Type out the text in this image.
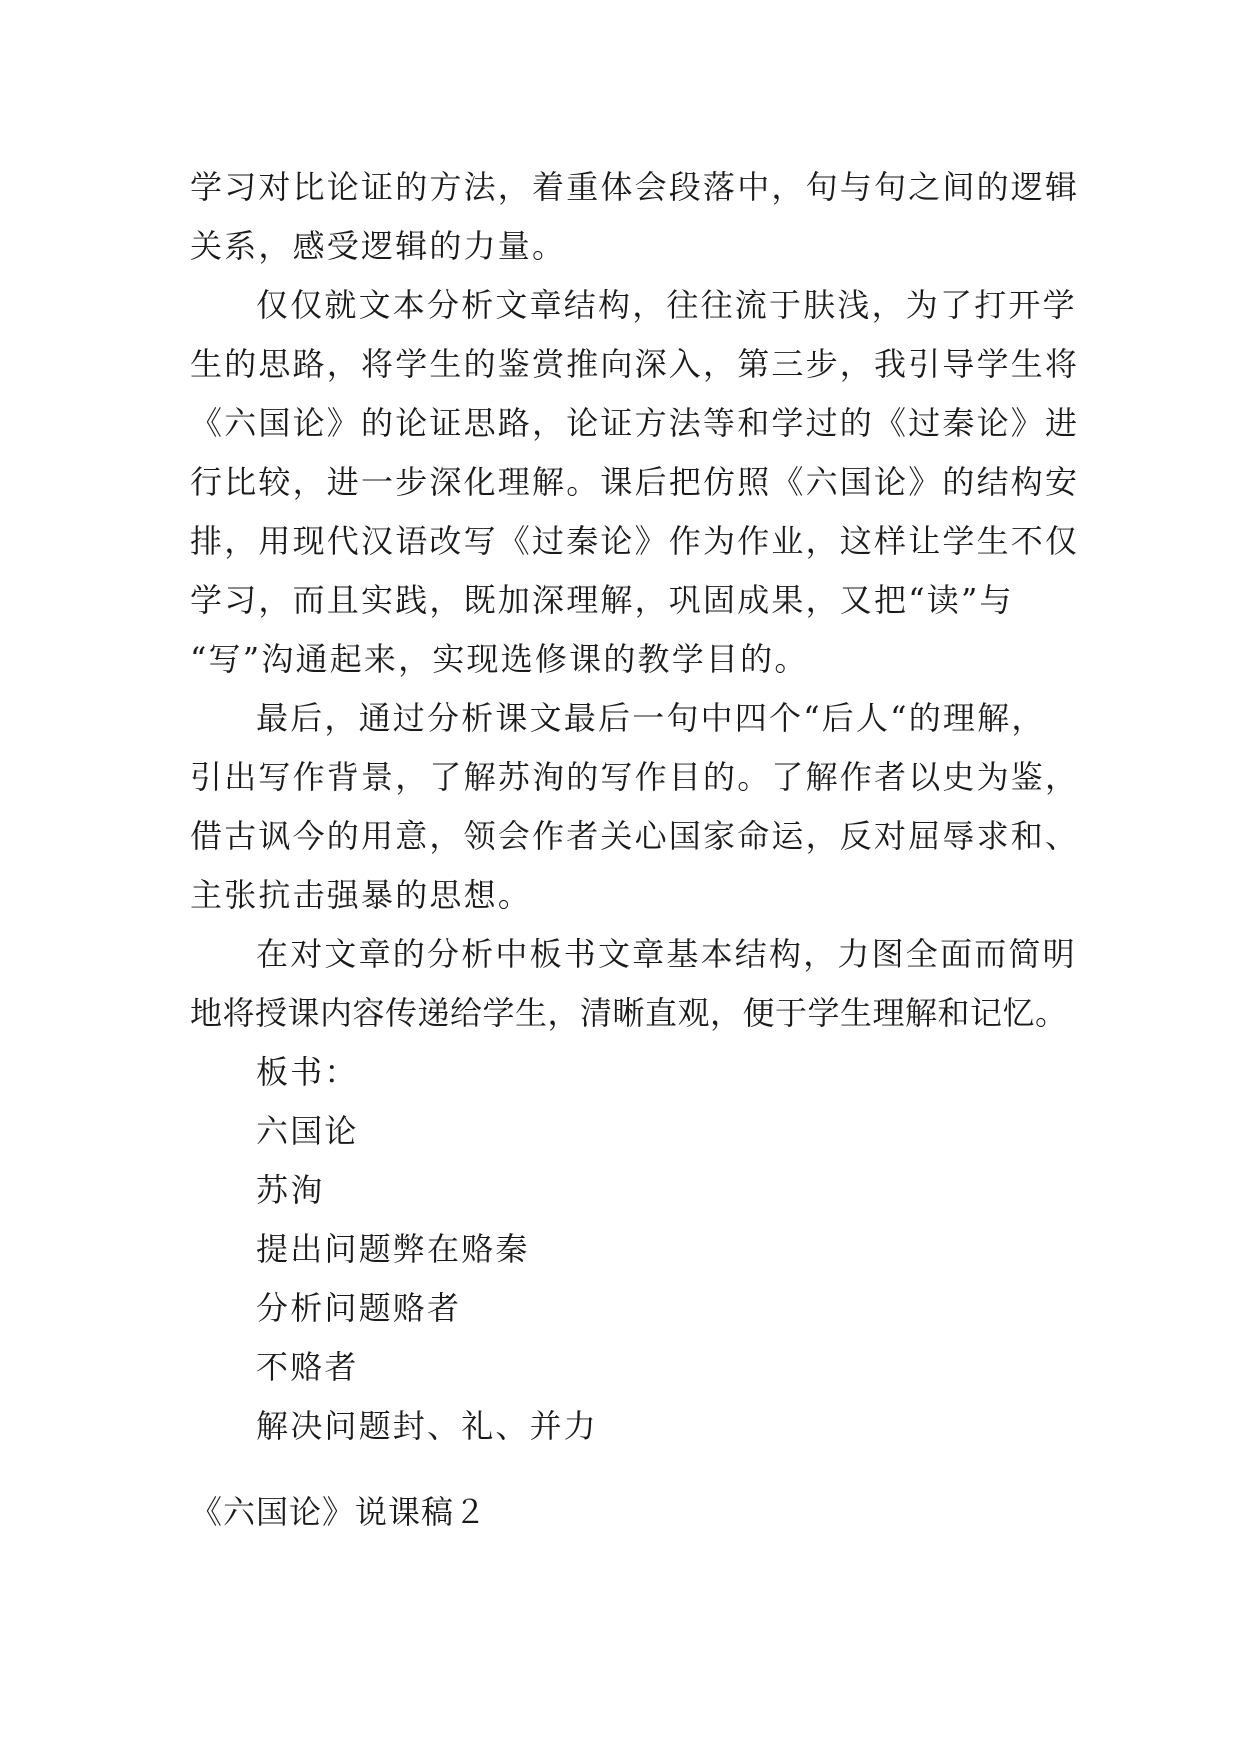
学习对比论证的方法，着重体会段落中，句与句之间的逻辑
关系，感受逻辑的力量。
仅仅就文本分析文章结构，往往流于肤浅，为了打开学
生的思路，将学生的鉴赏推向深入，第三步，我引导学生将
《六国论》的论证思路，论证方法等和学过的《过秦论》进
行比较，进一步深化理解。课后把仿照《六国论》的结构安
排，用现代汉语改写《过秦论》作为作业，这样让学生不仅
学习，而且实践，既加深理解，巩固成果，又把“读”与
“写”沟通起来，实现选修课的教学目的。
最后，通过分析课文最后一句中四个“后人“的理解，
引出写作背景，了解苏洵的写作目的。了解作者以史为鉴，
借古讽今的用意，领会作者关心国家命运，反对屈辱求和、
主张抗击强暴的思想。
在对文章的分析中板书文章基本结构，力图全面而简明
地将授课内容传递给学生，清晰直观，便于学生理解和记忆。
板书：
六国论
苏洵
提出问题弊在赂秦
分析问题赂者
不赂者
解决问题封、礼、并力
《六国论》说课稿２
